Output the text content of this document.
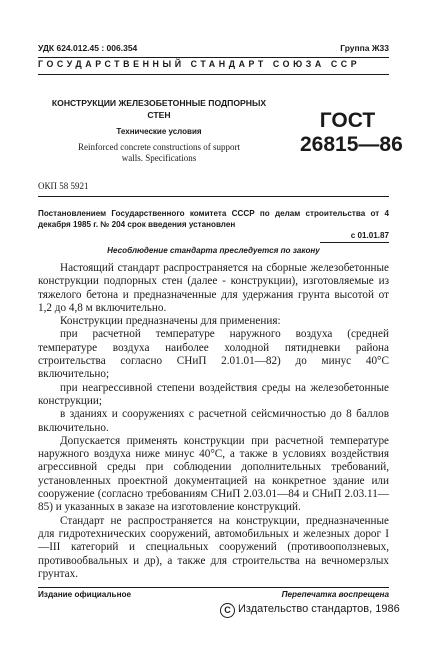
УДК 624.012.45 : 006.354	Группа Ж33
ГОСУДАРСТВЕННЫЙ СТАНДАРТ СОЮЗА ССР
КОНСТРУКЦИИ ЖЕЛЕЗОБЕТОННЫЕ ПОДПОРНЫХ
СТЕН
Технические условия
Reinforced concrete constructions of support
walls. Specifications
ГОСТ
26815—86
ОКП 58 5921
Постановлением Государственного комитета СССР по делам строительства от 4 декабря 1985 г. № 204 срок введения установлен
с 01.01.87
Несоблюдение стандарта преследуется по закону

Настоящий стандарт распространяется на сборные железобетонные конструкции подпорных стен (далее - конструкции), изготовляемые из тяжелого бетона и предназначенные для удержания грунта высотой от 1,2 до 4,8 м включительно.

Конструкции предназначены для применения:

при расчетной температуре наружного воздуха (средней температуре воздуха наиболее холодной пятидневки района строительства согласно СНиП 2.01.01—82) до минус 40°С включительно;

при неагрессивной степени воздействия среды на железобетонные конструкции;

в зданиях и сооружениях с расчетной сейсмичностью до 8 баллов включительно.

Допускается применять конструкции при расчетной температуре наружного воздуха ниже минус 40°С, а также в условиях воздействия агрессивной среды при соблюдении дополнительных требований, установленных проектной документацией на конкретное здание или сооружение (согласно требованиям СНиП 2.03.01—84 и СНиП 2.03.11—85) и указанных в заказе на изготовление конструкций.

Стандарт не распространяется на конструкции, предназначенные для гидротехнических сооружений, автомобильных и железных дорог I—III категорий и специальных сооружений (противооползневых, противообвальных и др), а также для строительства на вечномерзлых грунтах.

Издание официальное	Перепечатка воспрещена
С Издательство стандартов, 1986
